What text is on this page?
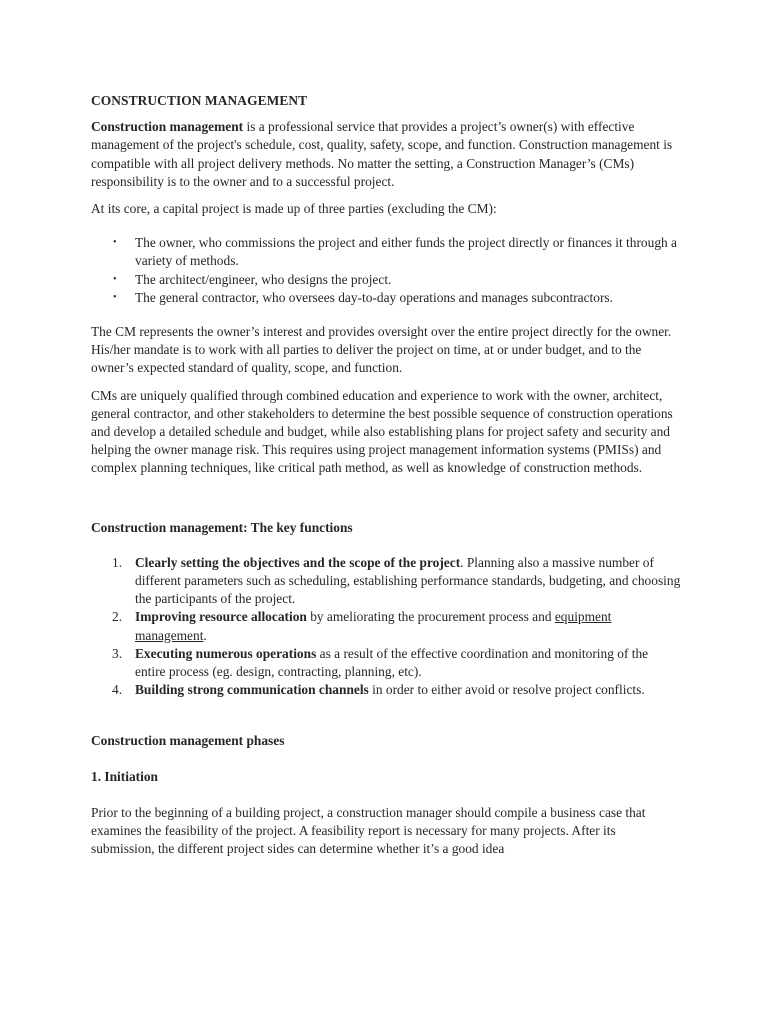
CONSTRUCTION MANAGEMENT

Construction management is a professional service that provides a project’s owner(s) with effective management of the project's schedule, cost, quality, safety, scope, and function. Construction management is compatible with all project delivery methods. No matter the setting, a Construction Manager’s (CMs) responsibility is to the owner and to a successful project.

At its core, a capital project is made up of three parties (excluding the CM):

• The owner, who commissions the project and either funds the project directly or finances it through a variety of methods.
• The architect/engineer, who designs the project.
• The general contractor, who oversees day-to-day operations and manages subcontractors.

The CM represents the owner’s interest and provides oversight over the entire project directly for the owner. His/her mandate is to work with all parties to deliver the project on time, at or under budget, and to the owner’s expected standard of quality, scope, and function.

CMs are uniquely qualified through combined education and experience to work with the owner, architect, general contractor, and other stakeholders to determine the best possible sequence of construction operations and develop a detailed schedule and budget, while also establishing plans for project safety and security and helping the owner manage risk. This requires using project management information systems (PMISs) and complex planning techniques, like critical path method, as well as knowledge of construction methods.

Construction management: The key functions

1. Clearly setting the objectives and the scope of the project. Planning also a massive number of different parameters such as scheduling, establishing performance standards, budgeting, and choosing the participants of the project.
2. Improving resource allocation by ameliorating the procurement process and equipment management.
3. Executing numerous operations as a result of the effective coordination and monitoring of the entire process (eg. design, contracting, planning, etc).
4. Building strong communication channels in order to either avoid or resolve project conflicts.

Construction management phases

1. Initiation

Prior to the beginning of a building project, a construction manager should compile a business case that examines the feasibility of the project. A feasibility report is necessary for many projects. After its submission, the different project sides can determine whether it’s a good idea
